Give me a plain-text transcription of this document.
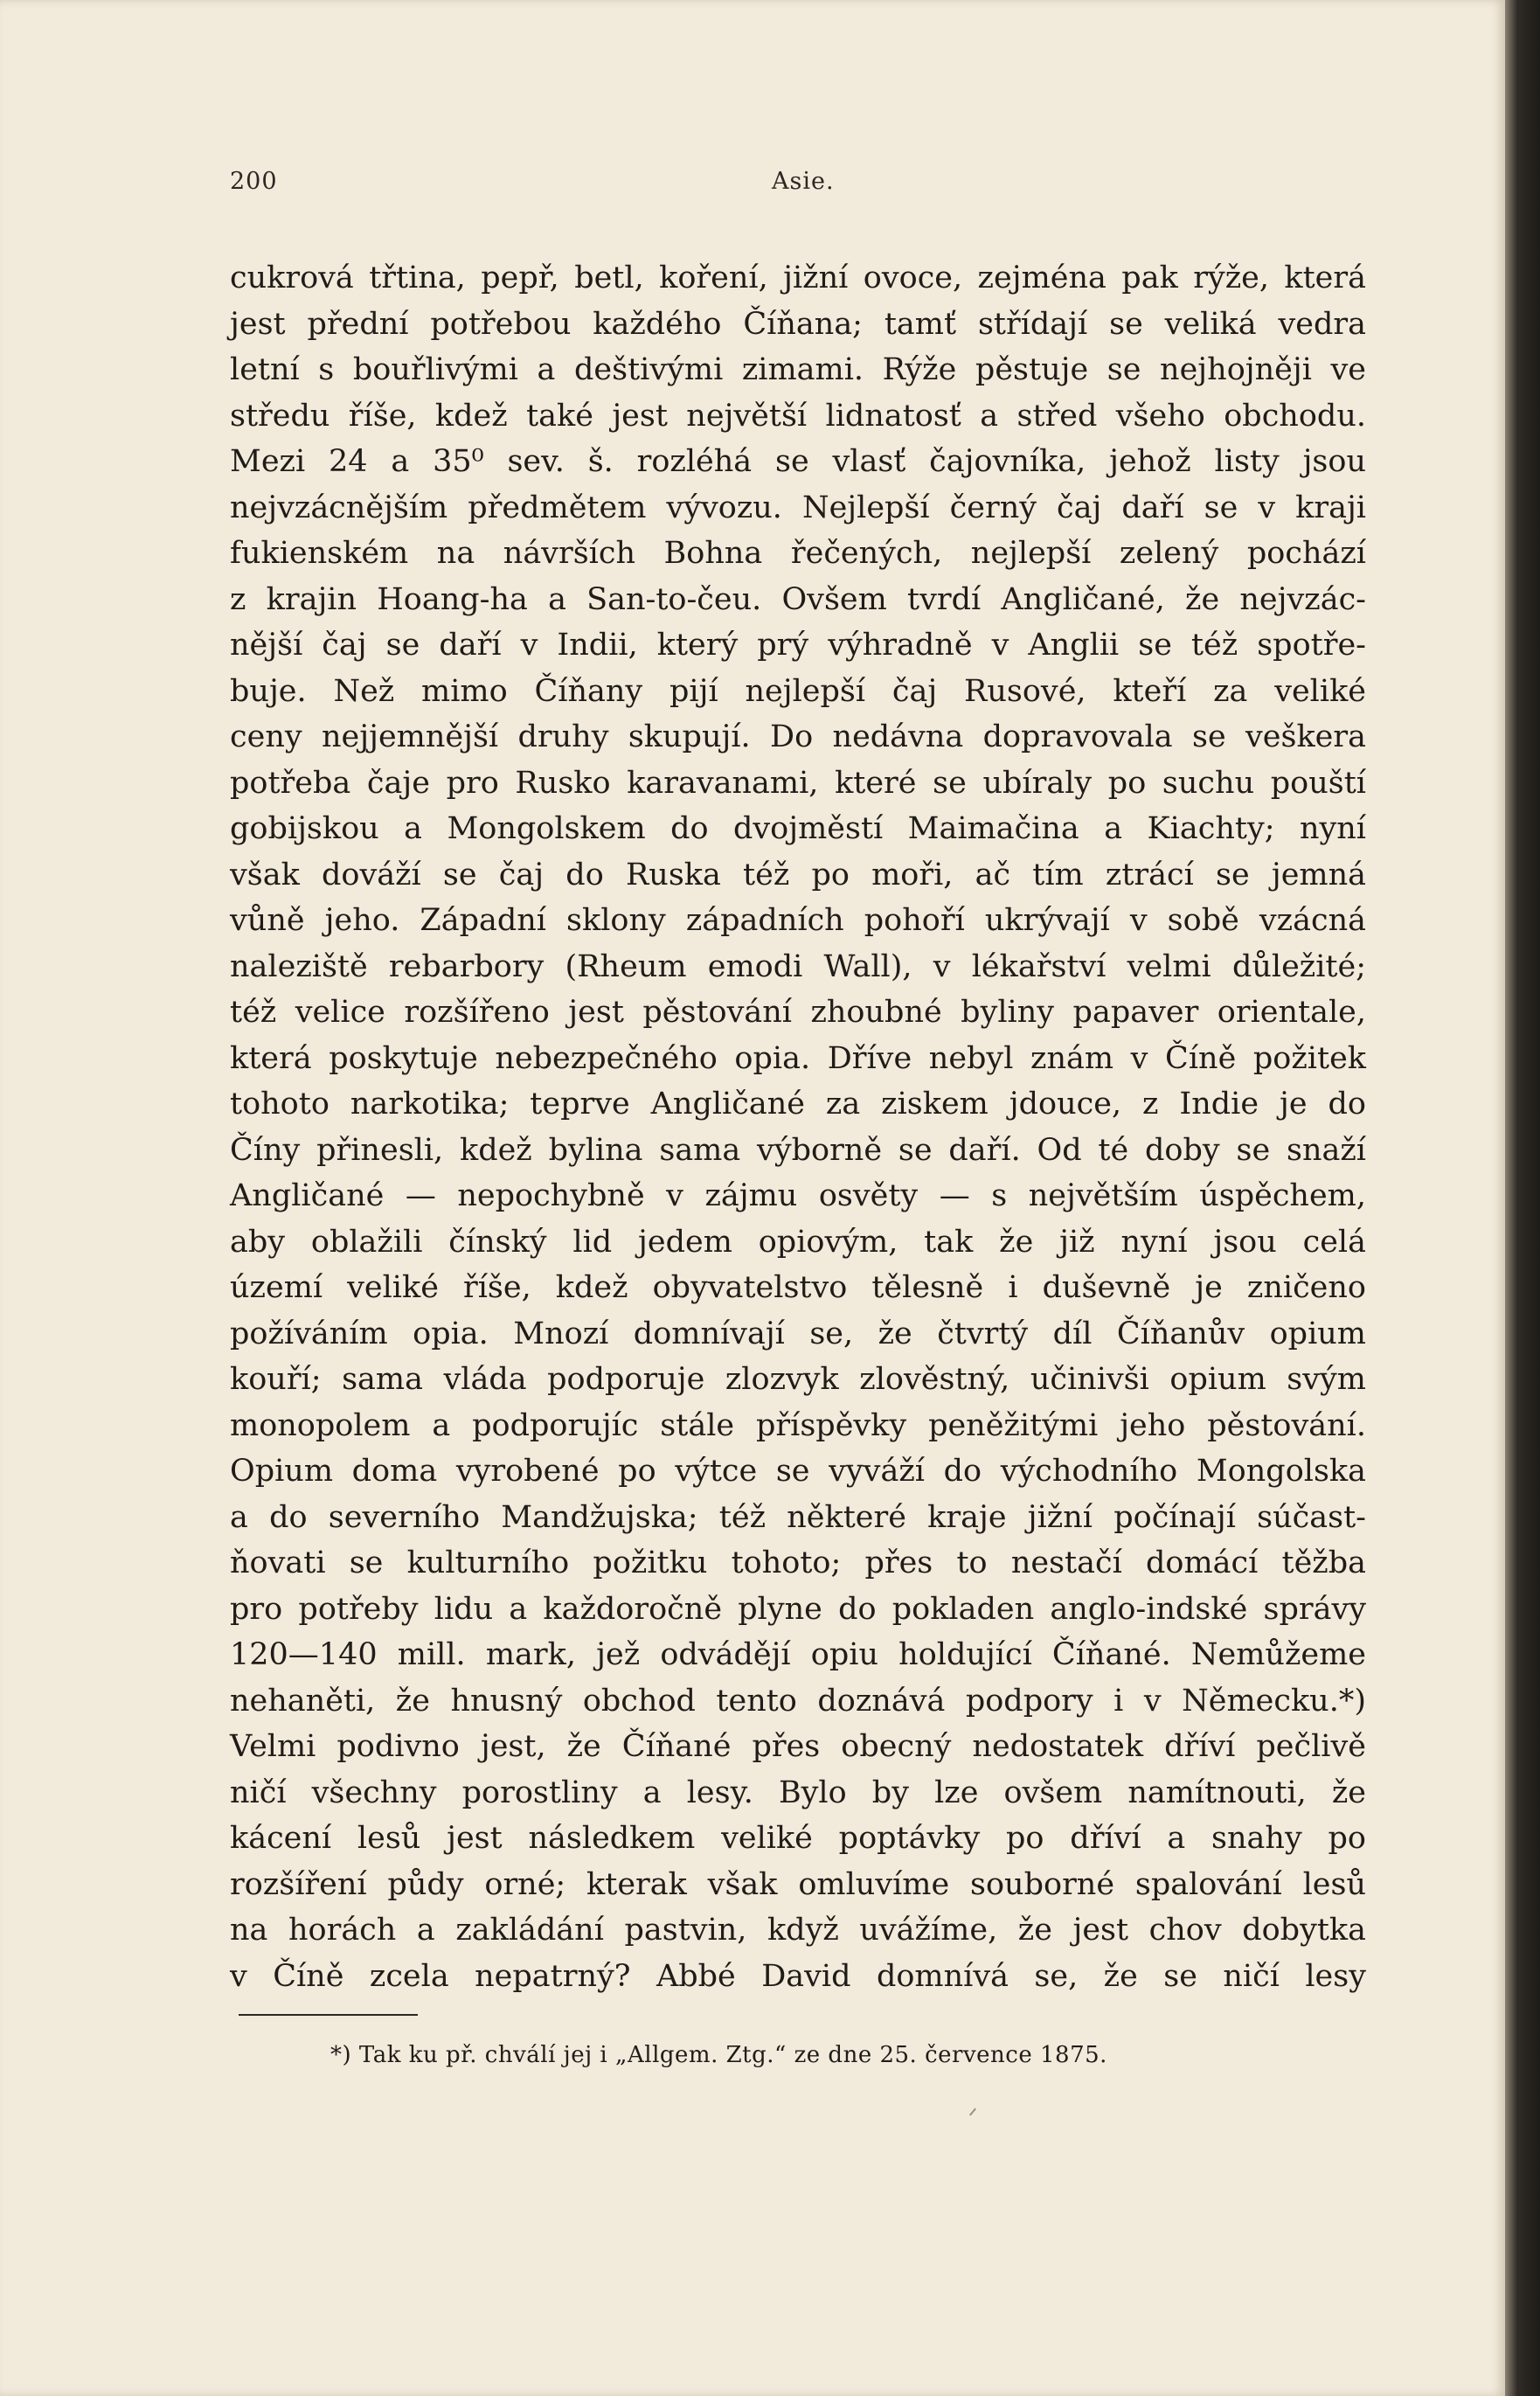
200	Asie.
cukrová třtina, pepř, betl, koření, jižní ovoce, zejména pak rýže, která
jest přední potřebou každého Číňana; tamť střídají se veliká vedra
letní s bouřlivými a deštivými zimami. Rýže pěstuje se nejhojněji ve
středu říše, kdež také jest největší lidnatosť a střed všeho obchodu.
Mezi 24 a 35⁰ sev. š. rozléhá se vlasť čajovníka, jehož listy jsou
nejvzácnějším předmětem vývozu. Nejlepší černý čaj daří se v kraji
fukienském na návrších Bohna řečených, nejlepší zelený pochází
z krajin Hoang-ha a San-to-čeu. Ovšem tvrdí Angličané, že nejvzác-
nější čaj se daří v Indii, který prý výhradně v Anglii se též spotře-
buje. Než mimo Číňany pijí nejlepší čaj Rusové, kteří za veliké
ceny nejjemnější druhy skupují. Do nedávna dopravovala se veškera
potřeba čaje pro Rusko karavanami, které se ubíraly po suchu pouští
gobijskou a Mongolskem do dvojměstí Maimačina a Kiachty; nyní
však dováží se čaj do Ruska též po moři, ač tím ztrácí se jemná
vůně jeho. Západní sklony západních pohoří ukrývají v sobě vzácná
naleziště rebarbory (Rheum emodi Wall), v lékařství velmi důležité;
též velice rozšířeno jest pěstování zhoubné byliny papaver orientale,
která poskytuje nebezpečného opia. Dříve nebyl znám v Číně požitek
tohoto narkotika; teprve Angličané za ziskem jdouce, z Indie je do
Číny přinesli, kdež bylina sama výborně se daří. Od té doby se snaží
Angličané — nepochybně v zájmu osvěty — s největším úspěchem,
aby oblažili čínský lid jedem opiovým, tak že již nyní jsou celá
území veliké říše, kdež obyvatelstvo tělesně i duševně je zničeno
požíváním opia. Mnozí domnívají se, že čtvrtý díl Číňanův opium
kouří; sama vláda podporuje zlozvyk zlověstný, učinivši opium svým
monopolem a podporujíc stále příspěvky peněžitými jeho pěstování.
Opium doma vyrobené po výtce se vyváží do východního Mongolska
a do severního Mandžujska; též některé kraje jižní počínají súčast-
ňovati se kulturního požitku tohoto; přes to nestačí domácí těžba
pro potřeby lidu a každoročně plyne do pokladen anglo-indské správy
120—140 mill. mark, jež odvádějí opiu holdující Číňané. Nemůžeme
nehaněti, že hnusný obchod tento doznává podpory i v Německu.*)
Velmi podivno jest, že Číňané přes obecný nedostatek dříví pečlivě
ničí všechny porostliny a lesy. Bylo by lze ovšem namítnouti, že
kácení lesů jest následkem veliké poptávky po dříví a snahy po
rozšíření půdy orné; kterak však omluvíme souborné spalování lesů
na horách a zakládání pastvin, když uvážíme, že jest chov dobytka
v Číně zcela nepatrný? Abbé David domnívá se, že se ničí lesy
*) Tak ku př. chválí jej i „Allgem. Ztg.“ ze dne 25. července 1875.
